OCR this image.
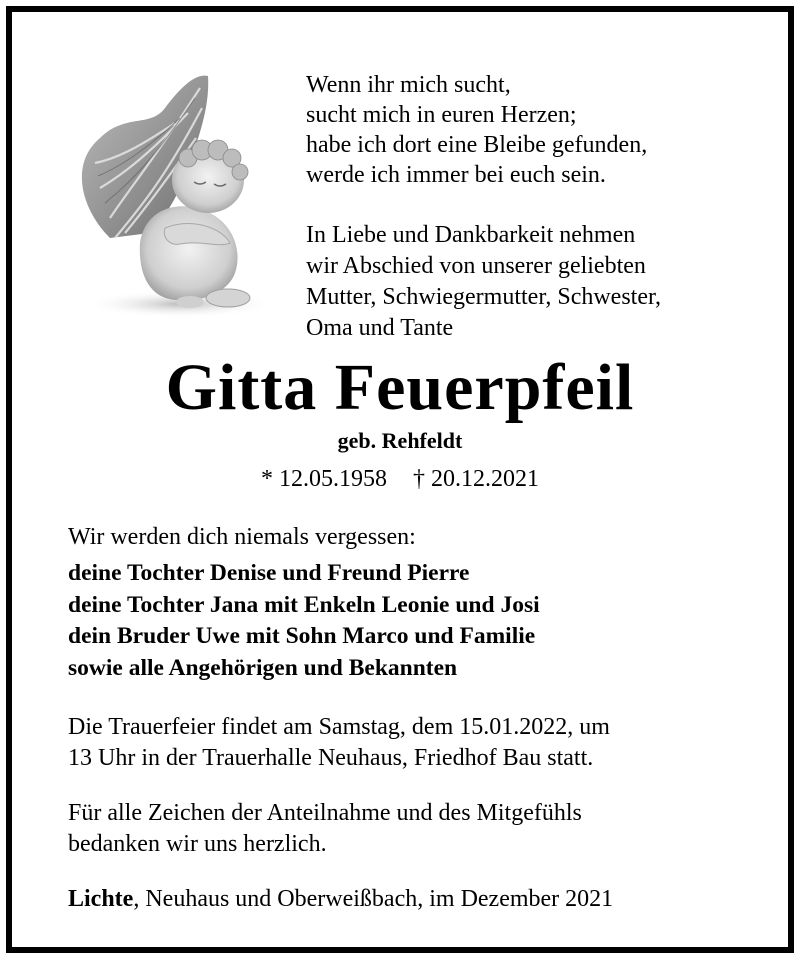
Wenn ihr mich sucht,
sucht mich in euren Herzen;
habe ich dort eine Bleibe gefunden,
werde ich immer bei euch sein.
In Liebe und Dankbarkeit nehmen
wir Abschied von unserer geliebten
Mutter, Schwiegermutter, Schwester,
Oma und Tante
Gitta Feuerpfeil
geb. Rehfeldt
* 12.05.1958 † 20.12.2021
Wir werden dich niemals vergessen:
deine Tochter Denise und Freund Pierre
deine Tochter Jana mit Enkeln Leonie und Josi
dein Bruder Uwe mit Sohn Marco und Familie
sowie alle Angehörigen und Bekannten
Die Trauerfeier findet am Samstag, dem 15.01.2022, um
13 Uhr in der Trauerhalle Neuhaus, Friedhof Bau statt.
Für alle Zeichen der Anteilnahme und des Mitgefühls
bedanken wir uns herzlich.
Lichte, Neuhaus und Oberweißbach, im Dezember 2021
